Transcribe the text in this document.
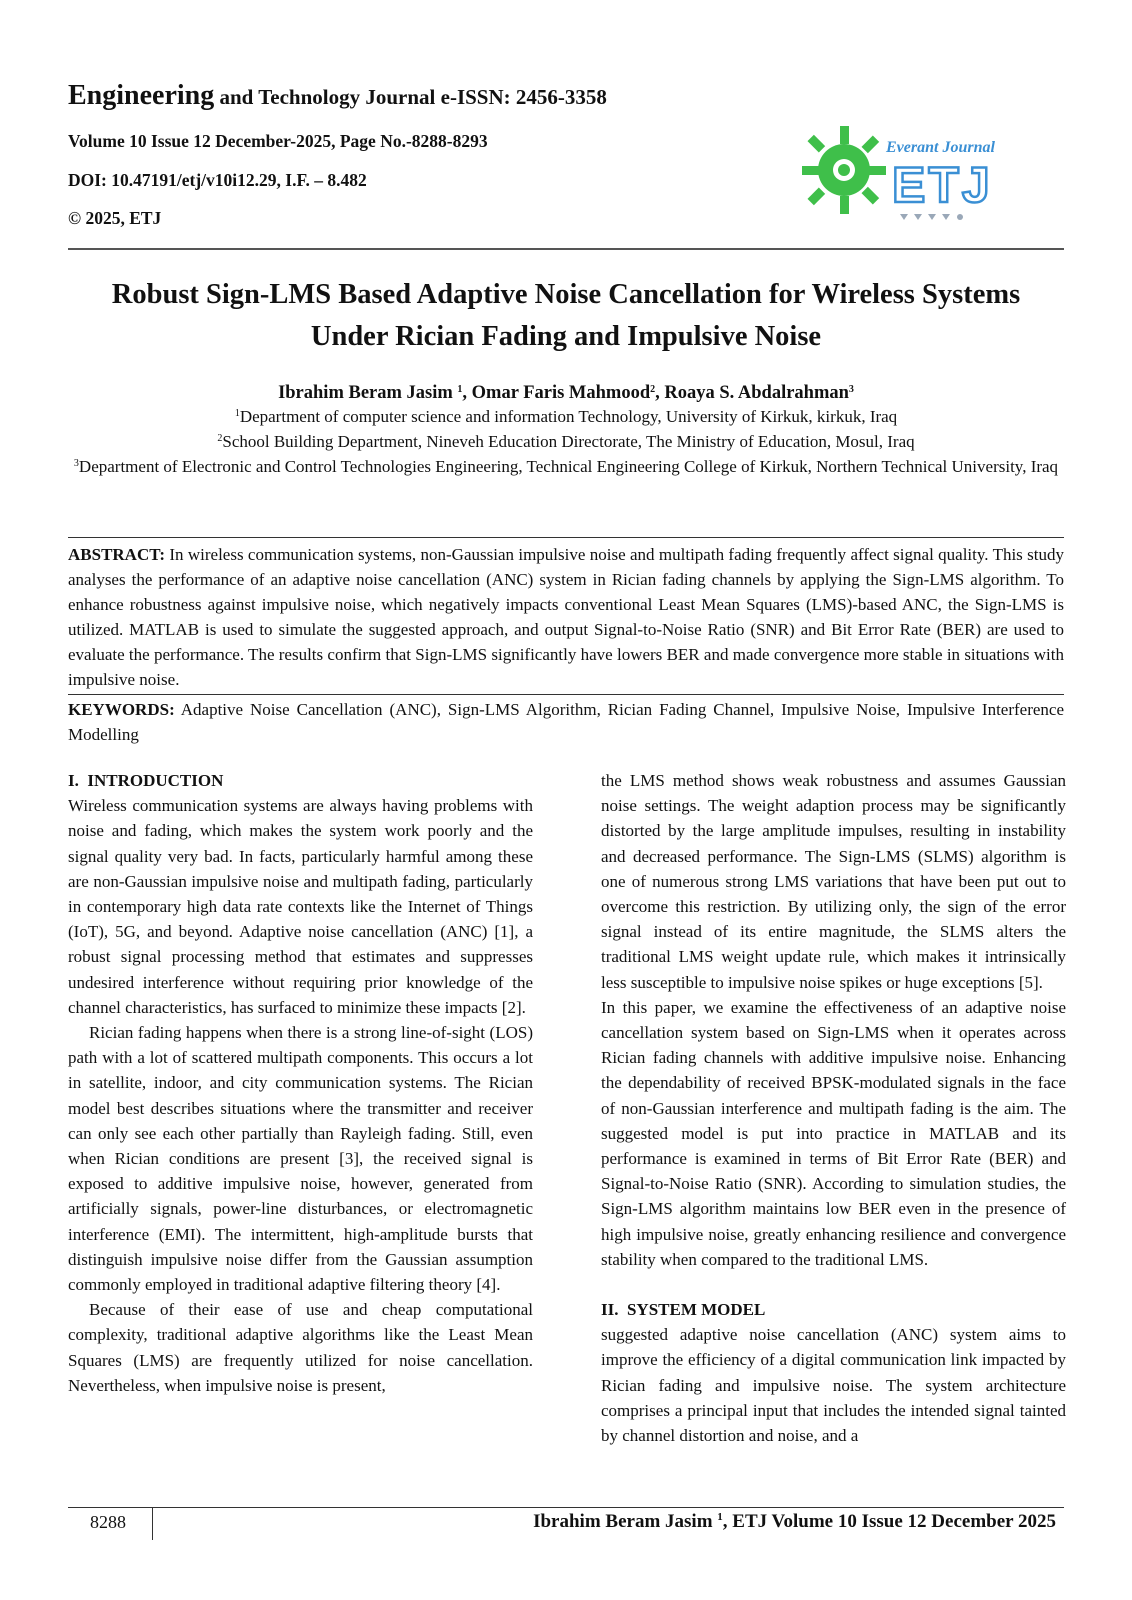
Engineering and Technology Journal e-ISSN: 2456-3358
Volume 10 Issue 12 December-2025, Page No.-8288-8293
DOI: 10.47191/etj/v10i12.29, I.F. – 8.482
© 2025, ETJ
Everant Journal
ETJ
Robust Sign-LMS Based Adaptive Noise Cancellation for Wireless Systems
Under Rician Fading and Impulsive Noise
Ibrahim Beram Jasim $^1$, Omar Faris Mahmood$^2$, Roaya S. Abdalrahman$^3$
$^1$Department of computer science and information Technology, University of Kirkuk, kirkuk, Iraq
$^2$School Building Department, Nineveh Education Directorate, The Ministry of Education, Mosul, Iraq
$^3$Department of Electronic and Control Technologies Engineering, Technical Engineering College of Kirkuk, Northern Technical University, Iraq
ABSTRACT: In wireless communication systems, non-Gaussian impulsive noise and multipath fading frequently affect signal quality. This study analyses the performance of an adaptive noise cancellation (ANC) system in Rician fading channels by applying the Sign-LMS algorithm. To enhance robustness against impulsive noise, which negatively impacts conventional Least Mean Squares (LMS)-based ANC, the Sign-LMS is utilized. MATLAB is used to simulate the suggested approach, and output Signal-to-Noise Ratio (SNR) and Bit Error Rate (BER) are used to evaluate the performance. The results confirm that Sign-LMS significantly have lowers BER and made convergence more stable in situations with impulsive noise.
KEYWORDS: Adaptive Noise Cancellation (ANC), Sign-LMS Algorithm, Rician Fading Channel, Impulsive Noise, Impulsive Interference Modelling

I.  INTRODUCTION

Wireless communication systems are always having problems with noise and fading, which makes the system work poorly and the signal quality very bad. In facts, particularly harmful among these are non-Gaussian impulsive noise and multipath fading, particularly in contemporary high data rate contexts like the Internet of Things (IoT), 5G, and beyond. Adaptive noise cancellation (ANC) [1], a robust signal processing method that estimates and suppresses undesired interference without requiring prior knowledge of the channel characteristics, has surfaced to minimize these impacts [2].

Rician fading happens when there is a strong line-of-sight (LOS) path with a lot of scattered multipath components. This occurs a lot in satellite, indoor, and city communication systems. The Rician model best describes situations where the transmitter and receiver can only see each other partially than Rayleigh fading. Still, even when Rician conditions are present [3], the received signal is exposed to additive impulsive noise, however, generated from artificially signals, power-line disturbances, or electromagnetic interference (EMI). The intermittent, high-amplitude bursts that distinguish impulsive noise differ from the Gaussian assumption commonly employed in traditional adaptive filtering theory [4].

Because of their ease of use and cheap computational complexity, traditional adaptive algorithms like the Least Mean Squares (LMS) are frequently utilized for noise cancellation. Nevertheless, when impulsive noise is present,

the LMS method shows weak robustness and assumes Gaussian noise settings. The weight adaption process may be significantly distorted by the large amplitude impulses, resulting in instability and decreased performance. The Sign-LMS (SLMS) algorithm is one of numerous strong LMS variations that have been put out to overcome this restriction. By utilizing only, the sign of the error signal instead of its entire magnitude, the SLMS alters the traditional LMS weight update rule, which makes it intrinsically less susceptible to impulsive noise spikes or huge exceptions [5].

In this paper, we examine the effectiveness of an adaptive noise cancellation system based on Sign-LMS when it operates across Rician fading channels with additive impulsive noise. Enhancing the dependability of received BPSK-modulated signals in the face of non-Gaussian interference and multipath fading is the aim. The suggested model is put into practice in MATLAB and its performance is examined in terms of Bit Error Rate (BER) and Signal-to-Noise Ratio (SNR). According to simulation studies, the Sign-LMS algorithm maintains low BER even in the presence of high impulsive noise, greatly enhancing resilience and convergence stability when compared to the traditional LMS.

II.  SYSTEM MODEL

suggested adaptive noise cancellation (ANC) system aims to improve the efficiency of a digital communication link impacted by Rician fading and impulsive noise. The system architecture comprises a principal input that includes the intended signal tainted by channel distortion and noise, and a

8288	Ibrahim Beram Jasim $^1$, ETJ Volume 10 Issue 12 December 2025
